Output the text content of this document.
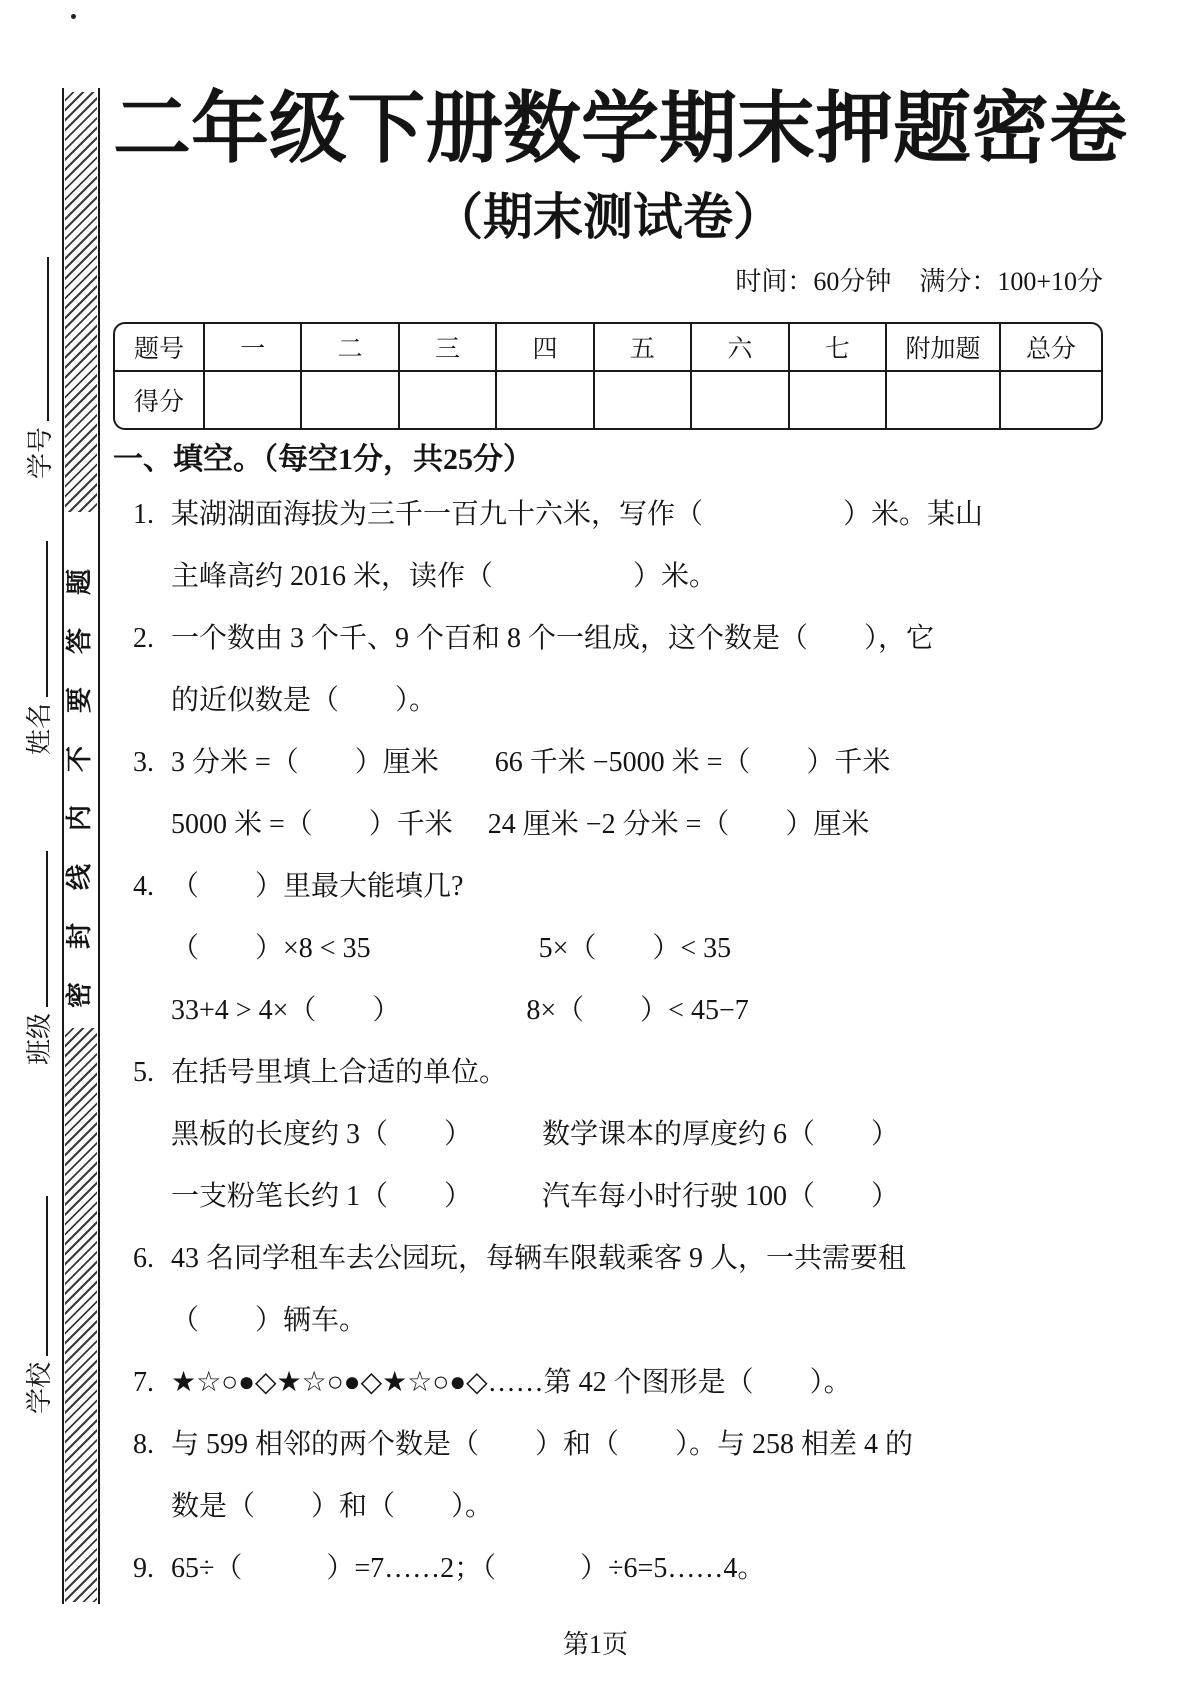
学号
姓名
班级
学校
密封线内不要答题
二年级下册数学期末押题密卷
（期末测试卷）
时间：60分钟 满分：100+10分
题号	一	二	三	四	五	六	七	附加题	总分
得分									
一、填空。（每空1分，共25分）
1. 某湖湖面海拔为三千一百九十六米，写作（　　　　　）米。某山
主峰高约 2016 米，读作（　　　　　）米。
2. 一个数由 3 个千、9 个百和 8 个一组成，这个数是（　　），它
的近似数是（　　）。
3. 3 分米 =（　　）厘米　　66 千米 −5000 米 =（　　）千米
5000 米 =（　　）千米　 24 厘米 −2 分米 =（　　）厘米
4. （　　）里最大能填几?
（　　）×8 < 35　　　　　　5×（　　）< 35
33+4 > 4×（　　）　　　　　8×（　　）< 45−7
5. 在括号里填上合适的单位。
黑板的长度约 3（　　）　　　数学课本的厚度约 6（　　）
一支粉笔长约 1（　　）　　　汽车每小时行驶 100（　　）
6. 43 名同学租车去公园玩，每辆车限载乘客 9 人，一共需要租
（　　）辆车。
7. ★☆○●◇★☆○●◇★☆○●◇……第 42 个图形是（　　）。
8. 与 599 相邻的两个数是（　　）和（　　）。与 258 相差 4 的
数是（　　）和（　　）。
9. 65÷（　　　）=7……2；（　　　）÷6=5……4。
第1页
